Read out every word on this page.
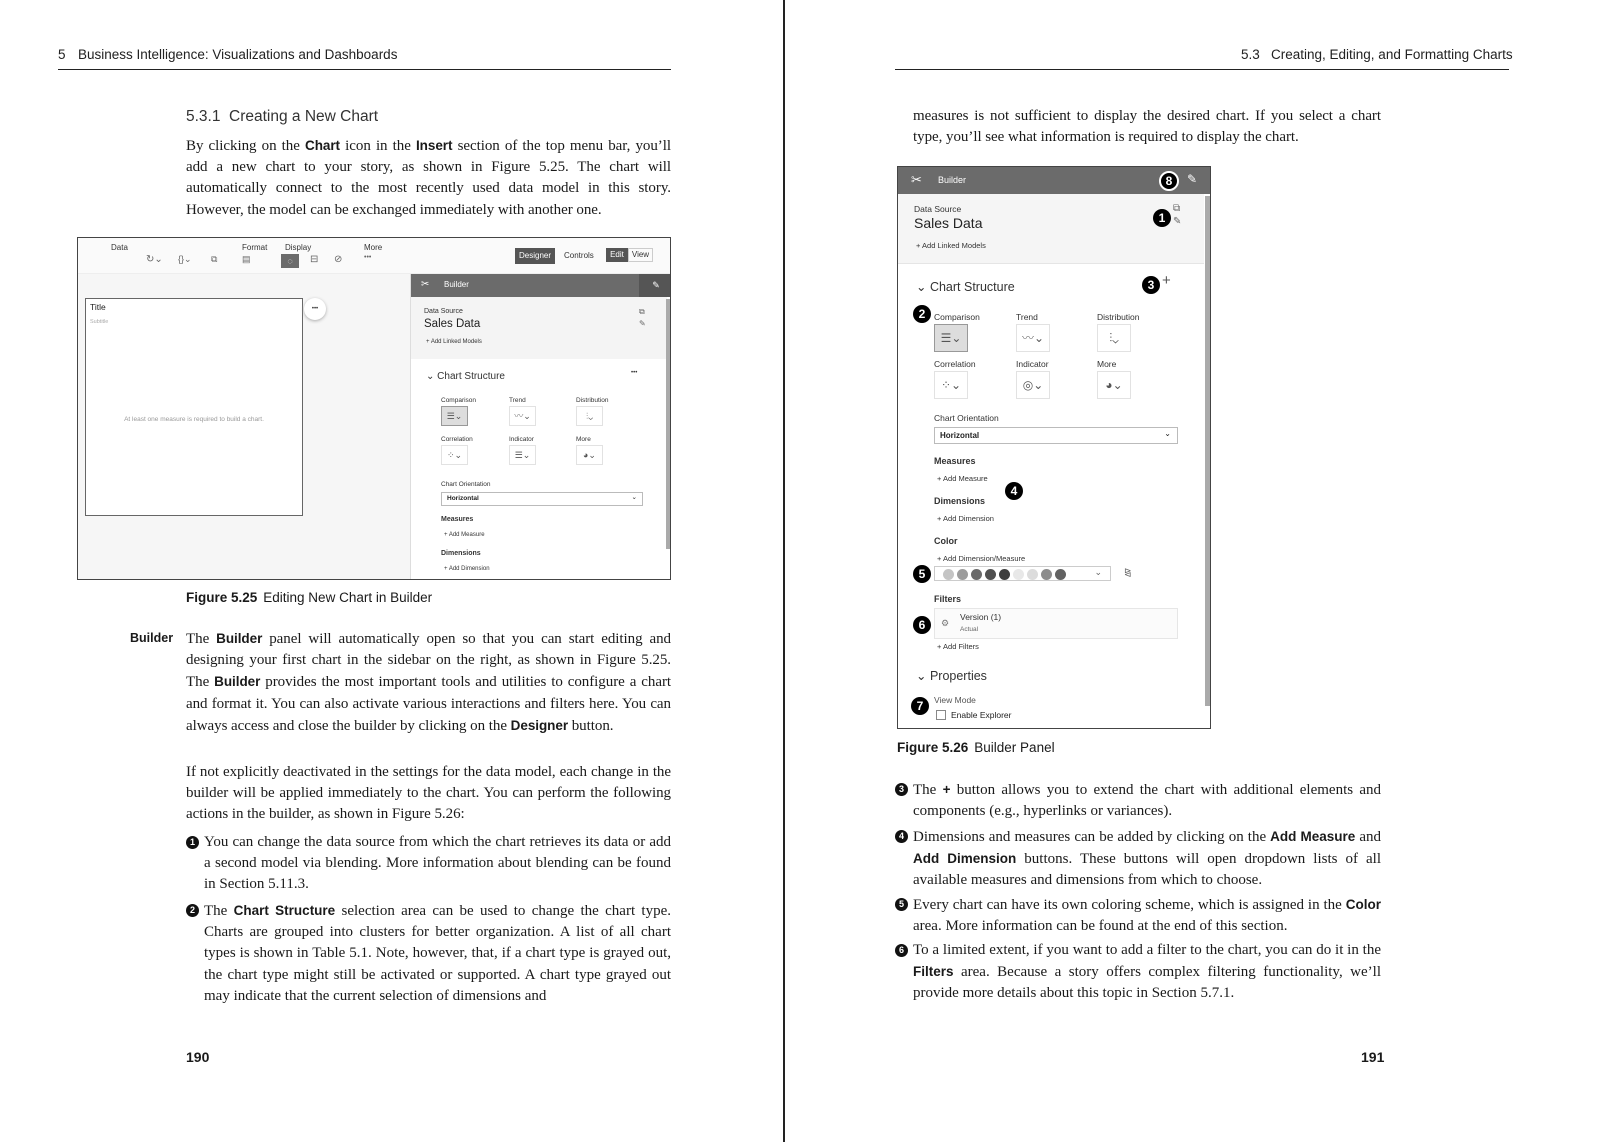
5 Business Intelligence: Visualizations and Dashboards
5.3.1 Creating a New Chart
By clicking on the Chart icon in the Insert section of the top menu bar, you’ll add a new chart to your story, as shown in Figure 5.25. The chart will automatically connect to the most recently used data model in this story. However, the model can be exchanged immediately with another one.
Data	Format Display	More
↻⌄ {}⌄ ⧉	▤	◌	⊟ ⊘	•••	Designer	Controls	Edit	View
Title
Subtitle
At least one measure is required to build a chart.
•••
✂ Builder	✎
Data Source
Sales Data
+ Add Linked Models
⧉
✎
⌄ Chart Structure	•••
Comparison	Trend	Distribution
☰⌄	〰⌄	⫶⌄
Correlation	Indicator	More
⁘⌄	☰⌄	◕⌄
Chart Orientation
Horizontal	⌄
Measures
+ Add Measure
Dimensions
+ Add Dimension
Figure 5.25 Editing New Chart in Builder
Builder The Builder panel will automatically open so that you can start editing and designing your first chart in the sidebar on the right, as shown in Figure 5.25. The Builder provides the most important tools and utilities to configure a chart and format it. You can also activate various interactions and filters here. You can always access and close the builder by clicking on the Designer button.
If not explicitly deactivated in the settings for the data model, each change in the builder will be applied immediately to the chart. You can perform the following actions in the builder, as shown in Figure 5.26:
1 You can change the data source from which the chart retrieves its data or add a second model via blending. More information about blending can be found in Section 5.11.3.
2 The Chart Structure selection area can be used to change the chart type. Charts are grouped into clusters for better organization. A list of all chart types is shown in Table 5.1. Note, however, that, if a chart type is grayed out, the chart type might still be activated or supported. A chart type grayed out may indicate that the current selection of dimensions and
190
5.3 Creating, Editing, and Formatting Charts
measures is not sufficient to display the desired chart. If you select a chart type, you’ll see what information is required to display the chart.
✂ Builder	8	✎
Data Source
Sales Data
+ Add Linked Models
1
⧉
✎
⌄ Chart Structure	3 +
2	Comparison	Trend	Distribution
☰⌄	〰⌄	⫶⌄
Correlation	Indicator	More
⁘⌄	◎⌄	◕⌄
Chart Orientation
Horizontal	⌄
Measures
+ Add Measure
4
Dimensions
+ Add Dimension
Color
+ Add Dimension/Measure
5	⌄ ⧎
Filters
6	⚙
Version (1)
Actual
+ Add Filters
⌄ Properties
View Mode
7
Enable Explorer
Figure 5.26 Builder Panel
3 The + button allows you to extend the chart with additional elements and components (e.g., hyperlinks or variances).
4 Dimensions and measures can be added by clicking on the Add Measure and Add Dimension buttons. These buttons will open dropdown lists of all available measures and dimensions from which to choose.
5 Every chart can have its own coloring scheme, which is assigned in the Color area. More information can be found at the end of this section.
6 To a limited extent, if you want to add a filter to the chart, you can do it in the Filters area. Because a story offers complex filtering functionality, we’ll provide more details about this topic in Section 5.7.1.
191
